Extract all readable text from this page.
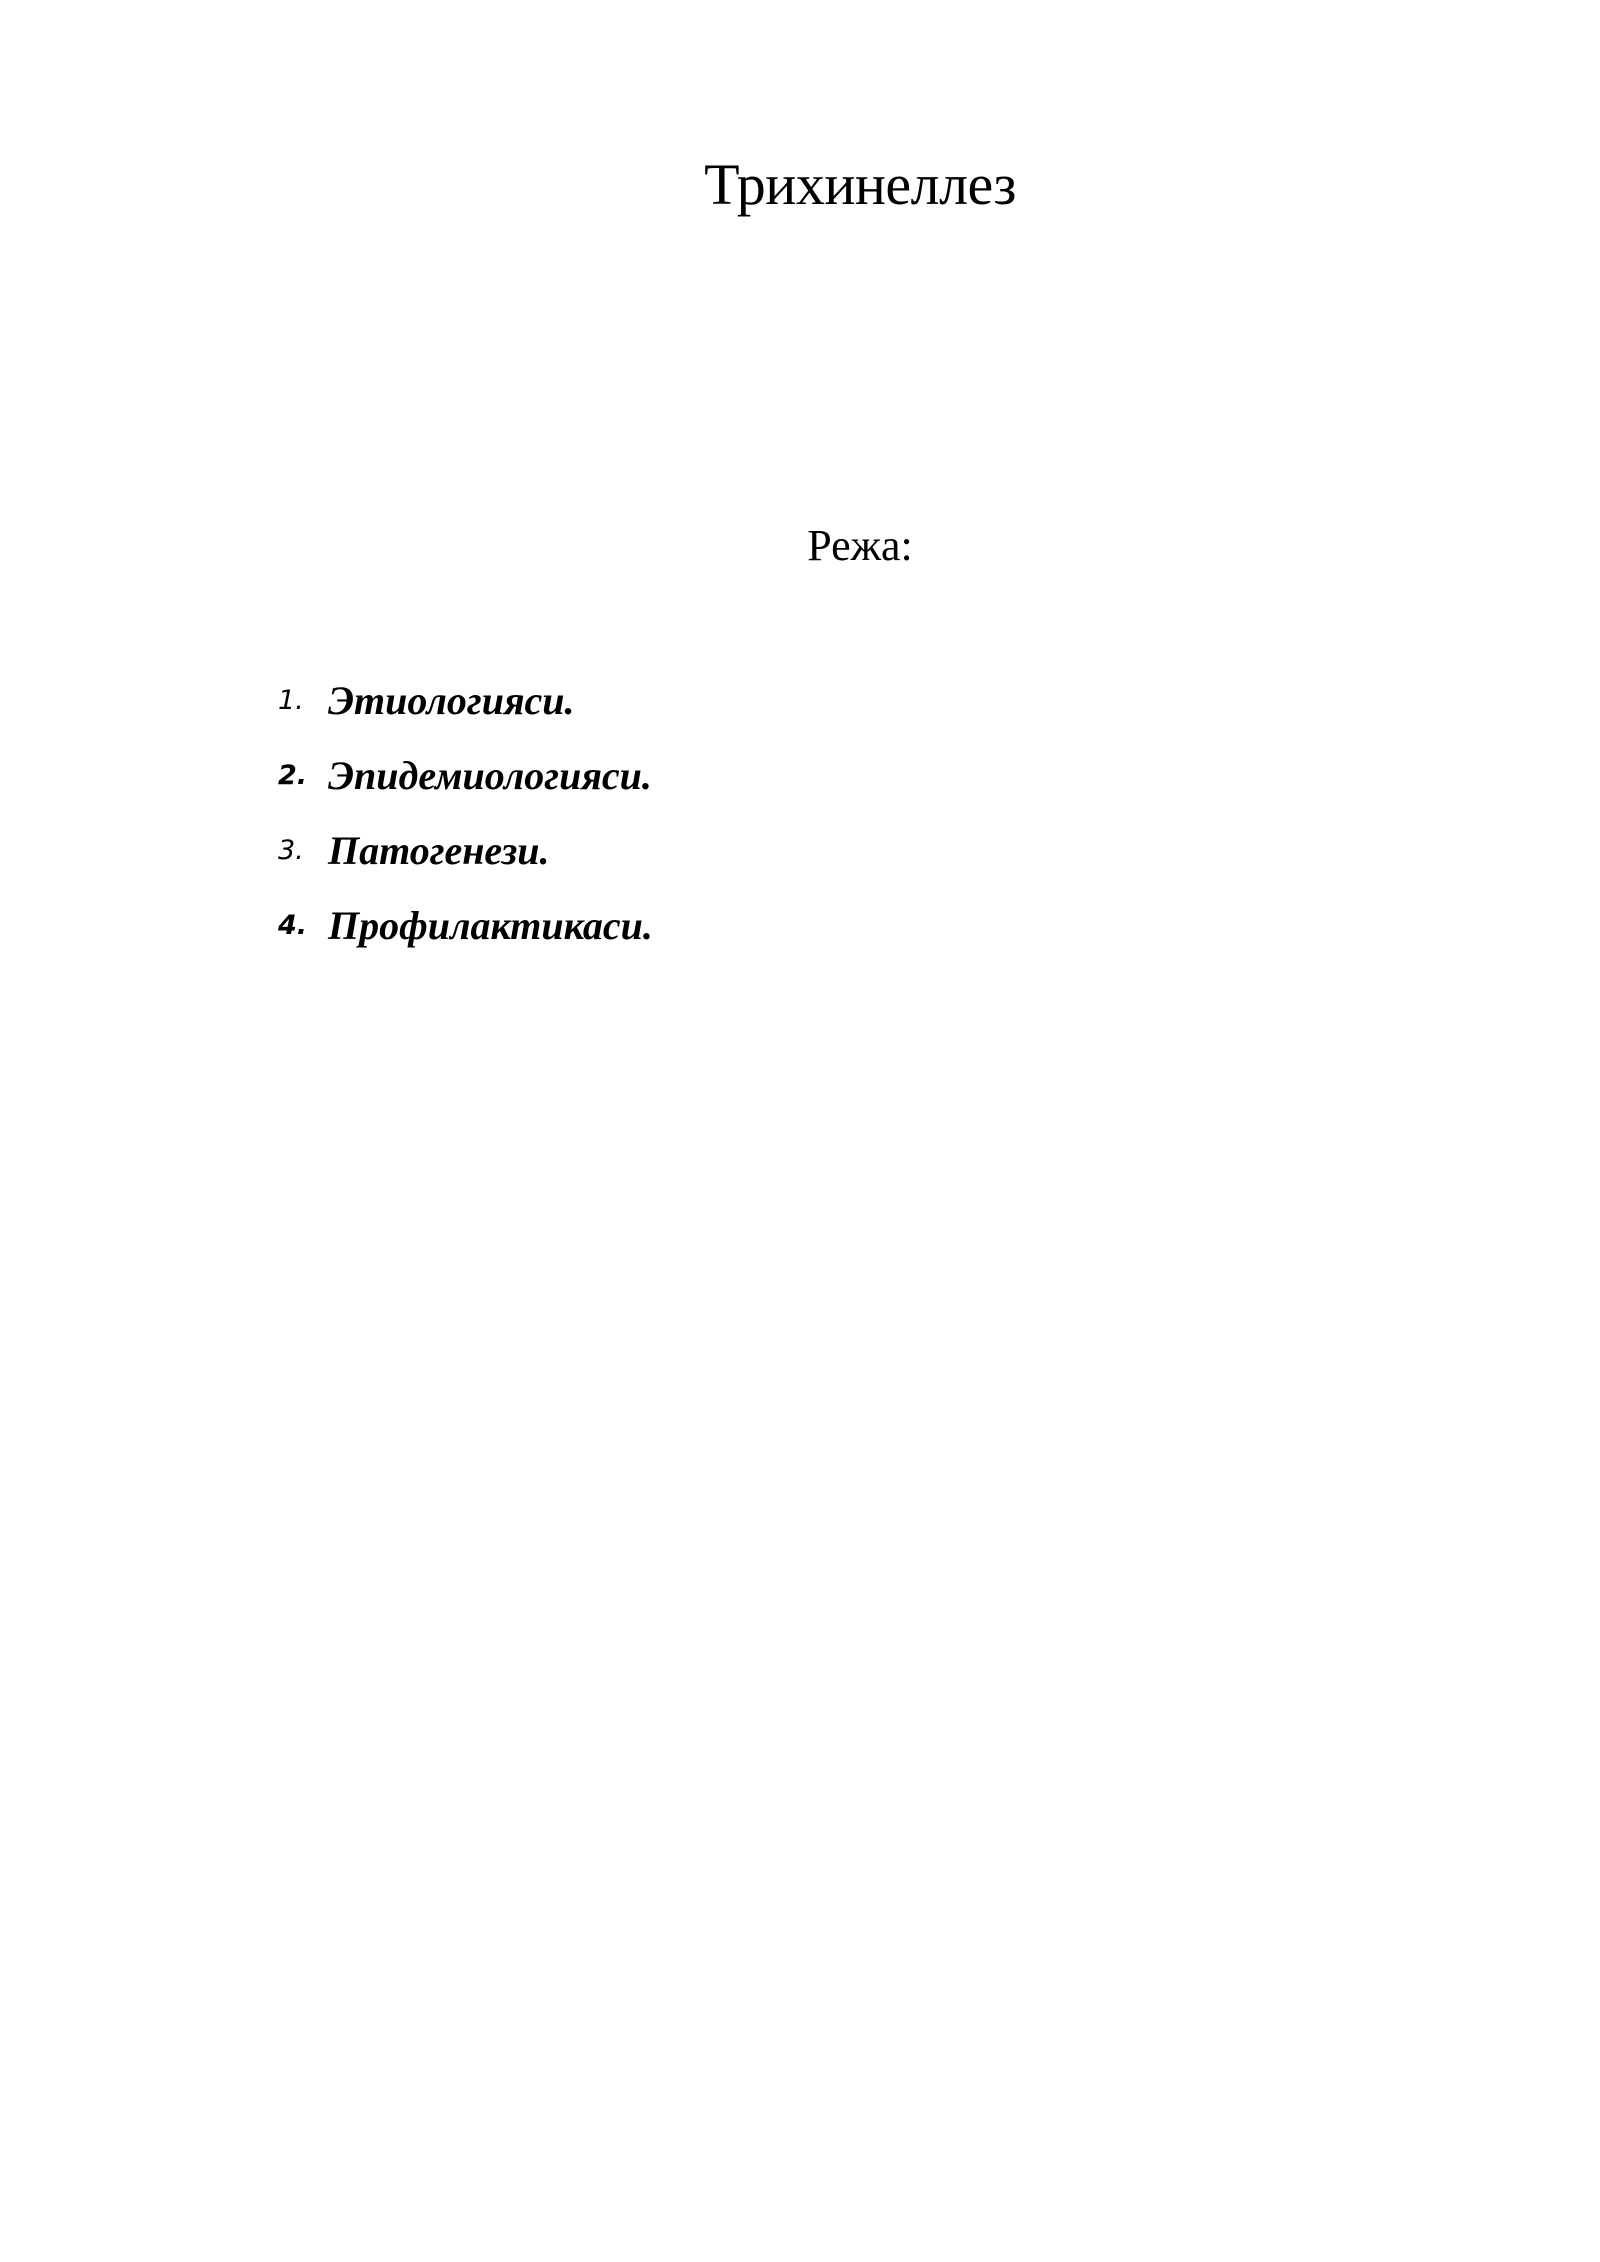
Трихинеллез

Режа:

1. Этиологияси.
2. Эпидемиологияси.
3. Патогенези.
4. Профилактикаси.
